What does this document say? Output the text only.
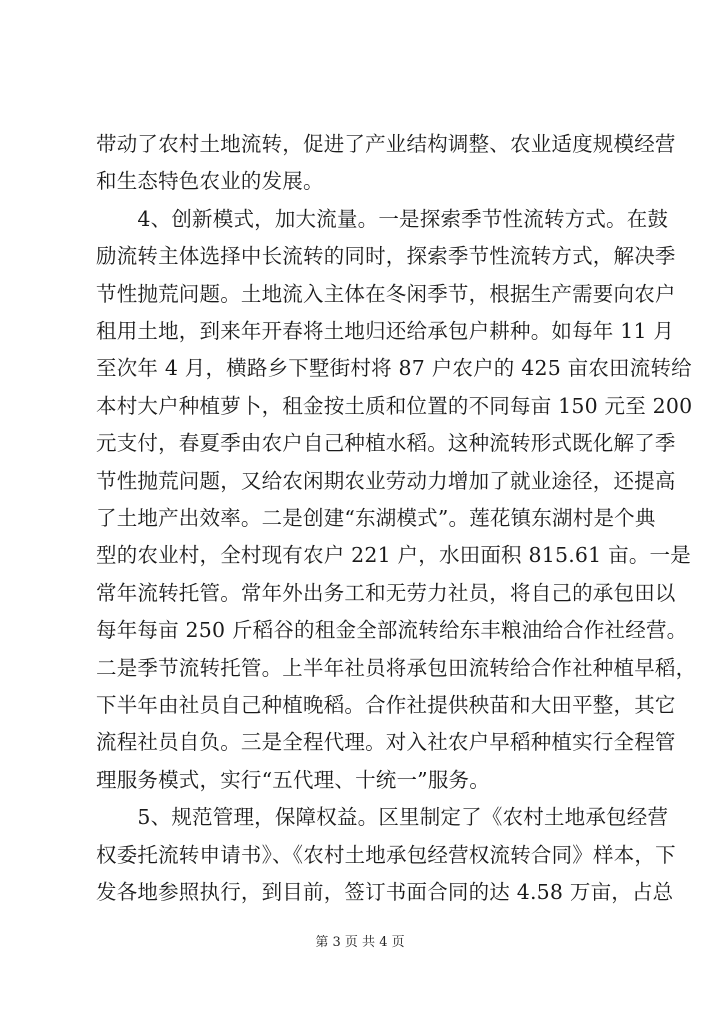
带动了农村土地流转，促进了产业结构调整、农业适度规模经营
和生态特色农业的发展。
　　4、创新模式，加大流量。一是探索季节性流转方式。在鼓
励流转主体选择中长流转的同时，探索季节性流转方式，解决季
节性抛荒问题。土地流入主体在冬闲季节，根据生产需要向农户
租用土地，到来年开春将土地归还给承包户耕种。如每年 11 月
至次年 4 月，横路乡下墅街村将 87 户农户的 425 亩农田流转给
本村大户种植萝卜，租金按土质和位置的不同每亩 150 元至 200
元支付，春夏季由农户自己种植水稻。这种流转形式既化解了季
节性抛荒问题，又给农闲期农业劳动力增加了就业途径，还提高
了土地产出效率。二是创建“东湖模式”。莲花镇东湖村是个典
型的农业村，全村现有农户 221 户，水田面积 815.61 亩。一是
常年流转托管。常年外出务工和无劳力社员，将自己的承包田以
每年每亩 250 斤稻谷的租金全部流转给东丰粮油给合作社经营。
二是季节流转托管。上半年社员将承包田流转给合作社种植早稻，
下半年由社员自己种植晚稻。合作社提供秧苗和大田平整，其它
流程社员自负。三是全程代理。对入社农户早稻种植实行全程管
理服务模式，实行“五代理、十统一”服务。
　　5、规范管理，保障权益。区里制定了《农村土地承包经营
权委托流转申请书》、《农村土地承包经营权流转合同》样本，下
发各地参照执行，到目前，签订书面合同的达 4.58 万亩，占总
第 3 页 共 4 页
